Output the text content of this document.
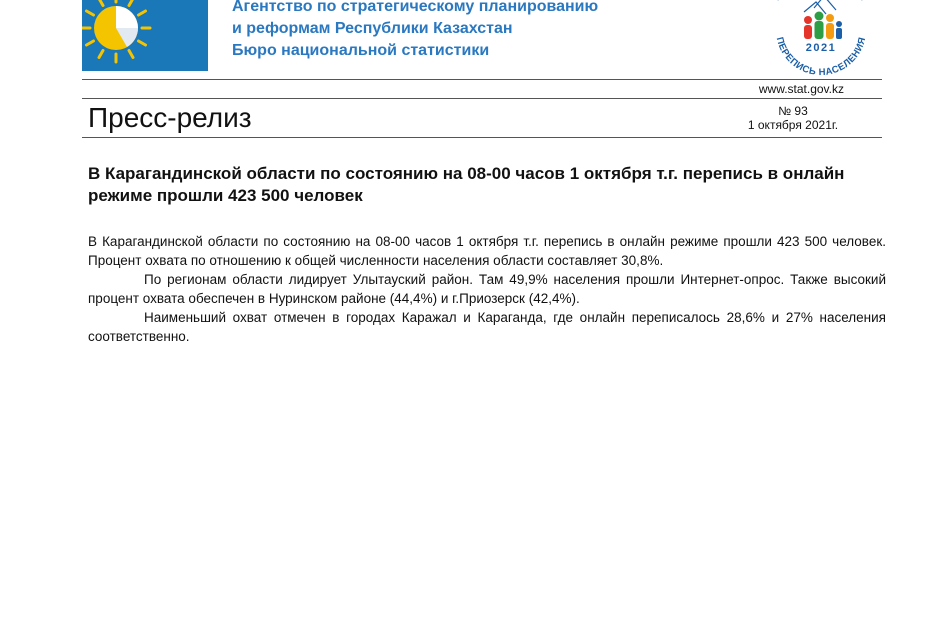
Агентство по стратегическому планированию
и реформам Республики Казахстан
Бюро национальной статистики	2021
ПЕРЕПИСЬ НАСЕЛЕНИЯ
www.stat.gov.kz
Пресс-релиз	№ 93
1 октября 2021г.
В Карагандинской области по состоянию на 08-00 часов 1 октября т.г. перепись в онлайн режиме прошли 423 500 человек

В Карагандинской области по состоянию на 08-00 часов 1 октября т.г. перепись в онлайн режиме прошли 423 500 человек. Процент охвата по отношению к общей численности населения области составляет 30,8%.

По регионам области лидирует Улытауский район. Там 49,9% населения прошли Интернет-опрос. Также высокий процент охвата обеспечен в Нуринском районе (44,4%) и г.Приозерск (42,4%).

Наименьший охват отмечен в городах Каражал и Караганда, где онлайн переписалось 28,6% и 27% населения соответственно.
